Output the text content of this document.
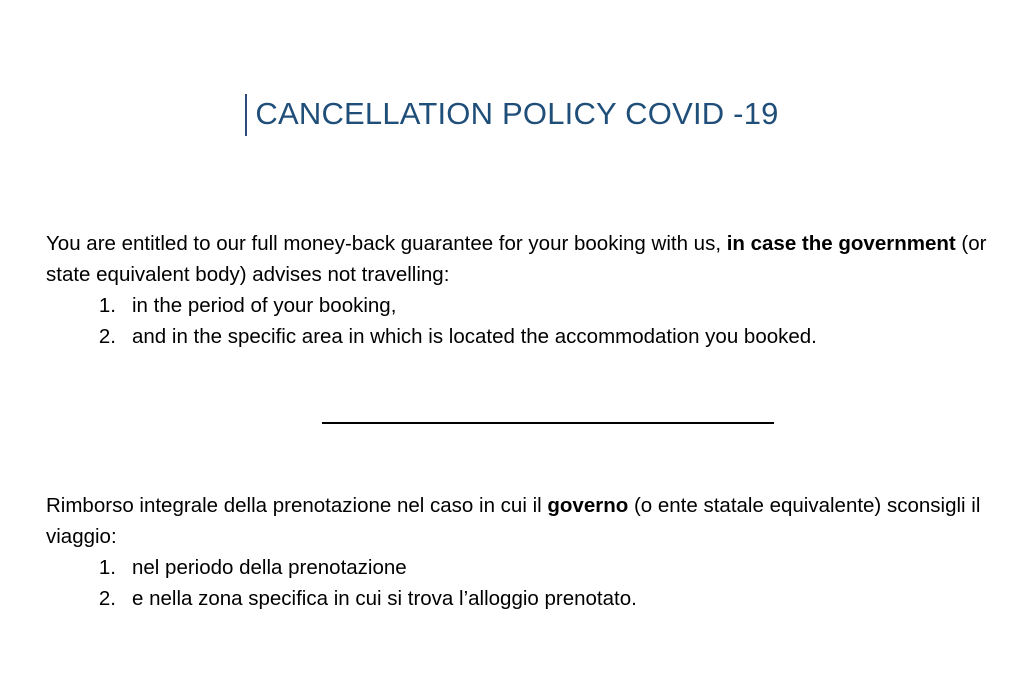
CANCELLATION POLICY COVID -19

You are entitled to our full money-back guarantee for your booking with us, in case the government (or state equivalent body) advises not travelling:

1. in the period of your booking,
2. and in the specific area in which is located the accommodation you booked.

Rimborso integrale della prenotazione nel caso in cui il governo (o ente statale equivalente) sconsigli il viaggio:

1. nel periodo della prenotazione
2. e nella zona specifica in cui si trova l’alloggio prenotato.
